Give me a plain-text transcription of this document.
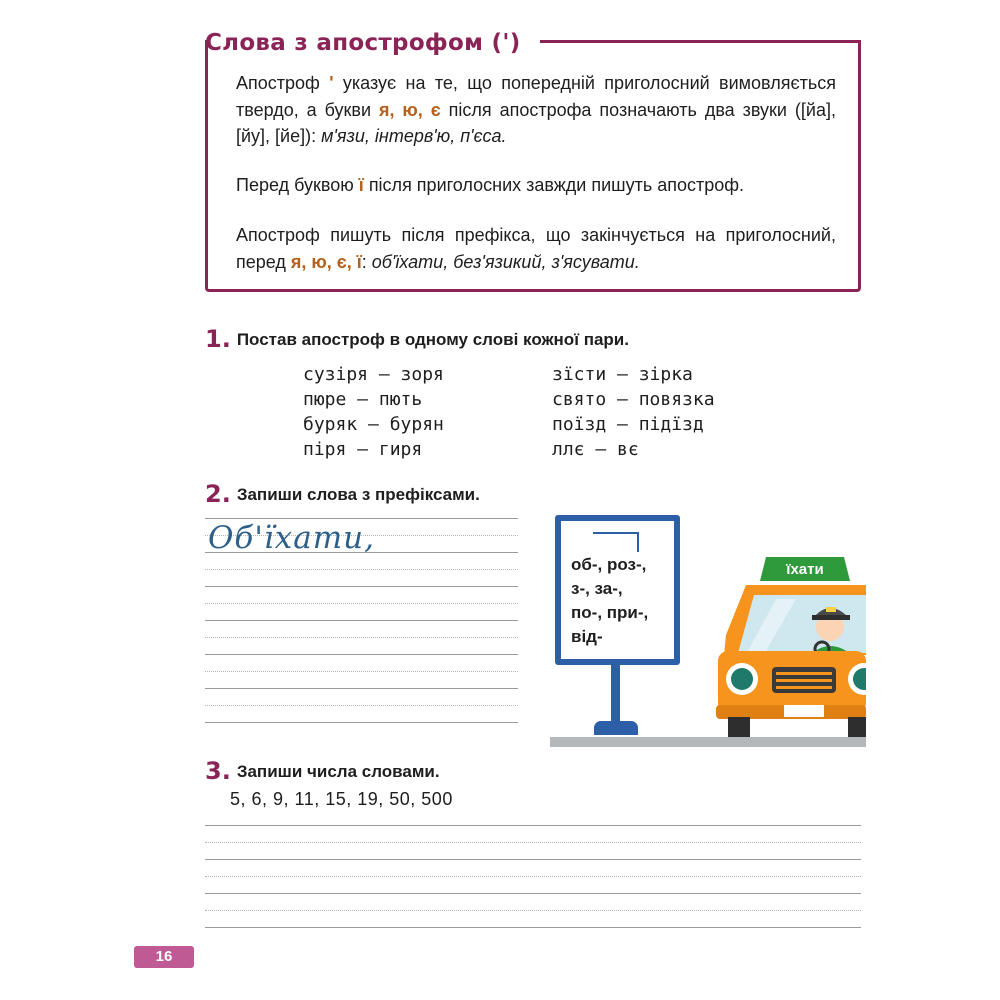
Слова з апострофом (')
Апостроф ' указує на те, що попередній приголосний вимовляється твердо, а букви я, ю, є після апострофа позначають два звуки ([йа], [йу], [йе]): м'язи, інтерв'ю, п'єса.
Перед буквою ї після приголосних завжди пишуть апостроф.
Апостроф пишуть після префікса, що закінчується на приголосний, перед я, ю, є, ї: об'їхати, без'язикий, з'ясувати.
1. Постав апостроф в одному слові кожної пари.
сузіря – зоря
пюре – пють
буряк – бурян
піря – гиря
зїсти – зірка
свято – повязка
поїзд – підїзд
ллє – вє
2. Запиши слова з префіксами.
Об'їхати,
об-, роз-,
з-, за-,
по-, при-,
від-
їхати
3. Запиши числа словами.
5, 6, 9, 11, 15, 19, 50, 500
16
